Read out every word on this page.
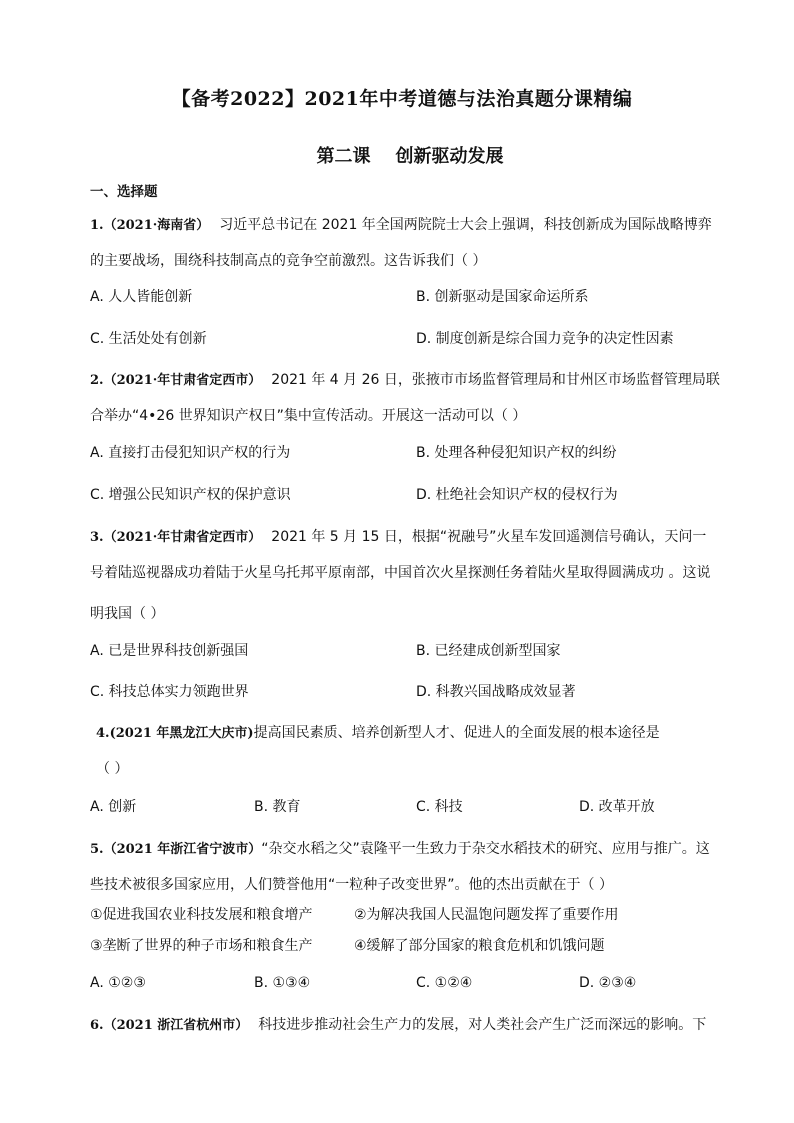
【备考2022】2021年中考道德与法治真题分课精编
第二课    创新驱动发展
一、选择题
1.（2021·海南省） 习近平总书记在 2021 年全国两院院士大会上强调，科技创新成为国际战略博弈
的主要战场，围绕科技制高点的竞争空前激烈。这告诉我们（ ）
A. 人人皆能创新	B. 创新驱动是国家命运所系
C. 生活处处有创新	D. 制度创新是综合国力竞争的决定性因素
2.（2021·年甘肃省定西市） 2021 年 4 月 26 日，张掖市市场监督管理局和甘州区市场监督管理局联
合举办“4•26 世界知识产权日”集中宣传活动。开展这一活动可以（ ）
A. 直接打击侵犯知识产权的行为	B. 处理各种侵犯知识产权的纠纷
C. 增强公民知识产权的保护意识	D. 杜绝社会知识产权的侵权行为
3.（2021·年甘肃省定西市） 2021 年 5 月 15 日，根据“祝融号”火星车发回遥测信号确认，天问一
号着陆巡视器成功着陆于火星乌托邦平原南部，中国首次火星探测任务着陆火星取得圆满成功 。这说
明我国（ ）
A. 已是世界科技创新强国	B. 已经建成创新型国家
C. 科技总体实力领跑世界	D. 科教兴国战略成效显著
4.(2021 年黑龙江大庆市)提高国民素质、培养创新型人才、促进人的全面发展的根本途径是
（ ）
A. 创新	B. 教育	C. 科技	D. 改革开放
5.（2021 年浙江省宁波市）“杂交水稻之父”袁隆平一生致力于杂交水稻技术的研究、应用与推广。这
些技术被很多国家应用，人们赞誉他用“一粒种子改变世界”。他的杰出贡献在于（ ）
①促进我国农业科技发展和粮食增产	②为解决我国人民温饱问题发挥了重要作用
③垄断了世界的种子市场和粮食生产	④缓解了部分国家的粮食危机和饥饿问题
A. ①②③	B. ①③④	C. ①②④	D. ②③④
6.（2021 浙江省杭州市） 科技进步推动社会生产力的发展，对人类社会产生广泛而深远的影响。下
